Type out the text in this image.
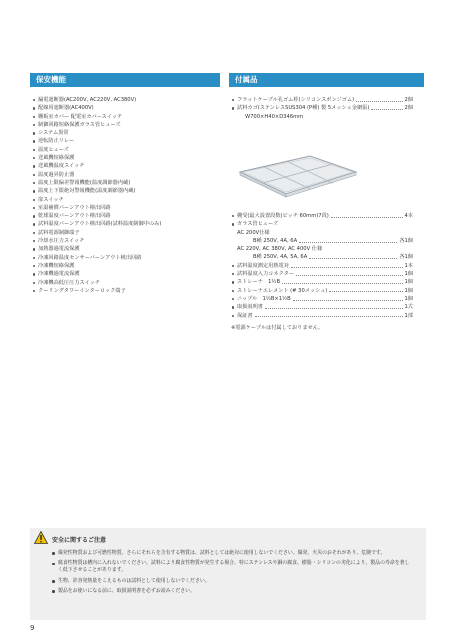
保安機能
漏電遮断器(AC200V, AC220V, AC380V)
配線用遮断器(AC400V)
棚板室カバー 配電室カバースイッチ
制御回路短絡保護ガラス管ヒューズ
システム異常
逆転防止リレー
温度ヒューズ
送風機短絡保護
送風機温度スイッチ
温度過昇防止器
温度上限偏差警報機能(温度調節器内蔵)
温度上下限絶対警報機能(温度調節器内蔵)
扉スイッチ
室温補償バーンアウト検出回路
乾球温度バーンアウト検出回路
試料温度バーンアウト検出回路(試料温度制御中のみ)
試料電源制御端子
冷却水圧力スイッチ
加熱器過電流保護
冷凍回路温度センサーバーンアウト検出回路
冷凍機短絡保護
冷凍機過電流保護
冷凍機高低圧圧力スイッチ
クーリングタワーインターロック端子
付属品
フラットケーブル孔ゴム栓(シリコンスポンジゴム)	2個
試料カゴ(ステンレスSUS304 (P種) 製 5メッシュ金網張)	2個
W700×H40×D346mm
棚受(最大設置段数(ピッチ 60mm)7段)	4本
ガラス管ヒューズ
AC 200V仕様
B種 250V, 4A, 6A	各1個
AC 220V, AC 380V, AC 400V 仕様
B種 250V, 4A, 5A, 6A	各1個
試料温度測定用熱電対	1本
試料温度入力コネクター	1個
ストレーナ　1½B	1個
ストレーナエレメント (# 30メッシュ)	1個
ニップル　1½B×1½B	1個
取扱説明書	1式
保証書	1部
※電源ケーブルは付属しておりません。
安全に関するご注意
爆発性物質および可燃性物質、さらにそれらを含有する物質は、試料としては絶対に使用しないでください。爆発、火災のおそれがあり、危険です。
腐食性物質は槽内に入れないでください。試料により腐食性物質が発生する場合、特にステンレスや銅の腐食、樹脂・シリコンの劣化により、製品の寿命を著しく低下させることがあります。
生物、許容発熱量をこえるものは試料として使用しないでください。
製品をお使いになる前に、取扱説明書を必ずお読みください。
9
